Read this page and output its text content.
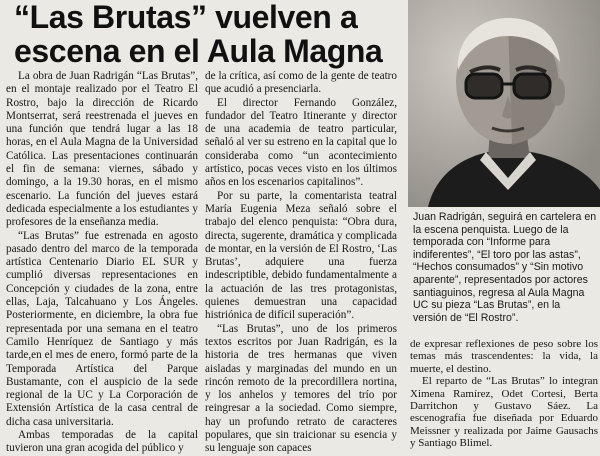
“Las Brutas” vuelven a
escena en el Aula Magna

Juan Radrigán, seguirá en cartelera en la escena penquista. Luego de la temporada con “Informe para indiferentes”, “El toro por las astas”, “Hechos consumados” y “Sin motivo aparente”, representados por actores santiaguinos, regresa al Aula Magna UC su pieza “Las Brutas”, en la versión de “El Rostro”.

La obra de Juan Radrigán “Las Brutas”, en el montaje realizado por el Teatro El Rostro, bajo la dirección de Ricardo Montserrat, será reestrenada el jueves en una función que tendrá lugar a las 18 horas, en el Aula Magna de la Universidad Católica. Las presentaciones continuarán el fin de semana: viernes, sábado y domingo, a la 19.30 horas, en el mismo escenario. La función del jueves estará dedicada especialmente a los estudiantes y profesores de la enseñanza media.

“Las Brutas” fue estrenada en agosto pasado dentro del marco de la temporada artística Centenario Diario EL SUR y cumplió diversas representaciones en Concepción y ciudades de la zona, entre ellas, Laja, Talcahuano y Los Ángeles. Posteriormente, en diciembre, la obra fue representada por una semana en el teatro Camilo Henríquez de Santiago y más tarde,en el mes de enero, formó parte de la Temporada Artística del Parque Bustamante, con el auspicio de la sede regional de la UC y La Corporación de Extensión Artística de la casa central de dicha casa universitaria.

Ambas temporadas de la capital tuvieron una gran acogida del público y

de la crítica, así como de la gente de teatro que acudió a presenciarla.

El director Fernando González, fundador del Teatro Itinerante y director de una academia de teatro particular, señaló al ver su estreno en la capital que lo consideraba como “un acontecimiento artístico, pocas veces visto en los últimos años en los escenarios capitalinos”.

Por su parte, la comentarista teatral María Eugenia Meza señaló sobre el trabajo del elenco penquista: “Obra dura, directa, sugerente, dramática y complicada de montar, en la versión de El Rostro, ‘Las Brutas’, adquiere una fuerza indescriptible, debido fundamentalmente a la actuación de las tres protagonistas, quienes demuestran una capacidad histriónica de difícil superación”.

“Las Brutas”, uno de los primeros textos escritos por Juan Radrigán, es la historia de tres hermanas que viven aisladas y marginadas del mundo en un rincón remoto de la precordillera nortina, y los anhelos y temores del trío por reingresar a la sociedad. Como siempre, hay un profundo retrato de caracteres populares, que sin traicionar su esencia y su lenguaje son capaces

de expresar reflexiones de peso sobre los temas más trascendentes: la vida, la muerte, el destino.

El reparto de “Las Brutas” lo integran Ximena Ramírez, Odet Cortesi, Berta Darritchon y Gustavo Sáez. La escenografía fue diseñada por Eduardo Meissner y realizada por Jaime Gausachs y Santiago Blimel.
